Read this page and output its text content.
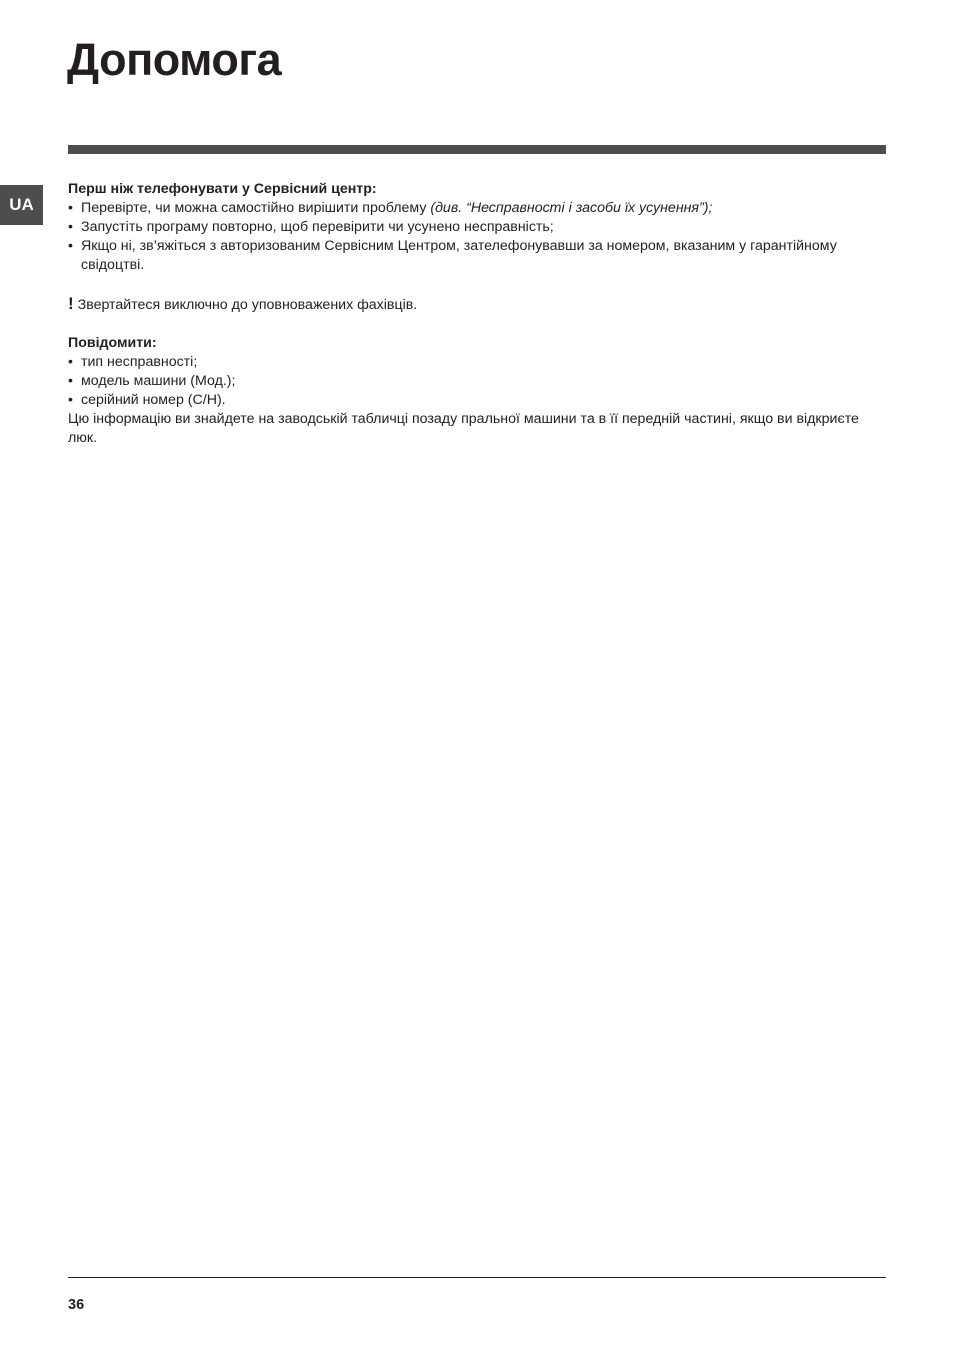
Допомога
UA

Перш ніж телефонувати у Сервісний центр:

• Перевірте, чи можна самостійно вирішити проблему (див. “Несправності і засоби їх усунення”);
• Запустіть програму повторно, щоб перевірити чи усунено несправність;
• Якщо ні, зв’яжіться з авторизованим Сервісним Центром, зателефонувавши за номером, вказаним у гарантійному свідоцтві.

! Звертайтеся виключно до уповноважених фахівців.

Повідомити:

• тип несправності;
• модель машини (Мод.);
• серійний номер (С/Н).

Цю інформацію ви знайдете на заводській табличці позаду пральної машини та в її передній частині, якщо ви відкриєте люк.

36
